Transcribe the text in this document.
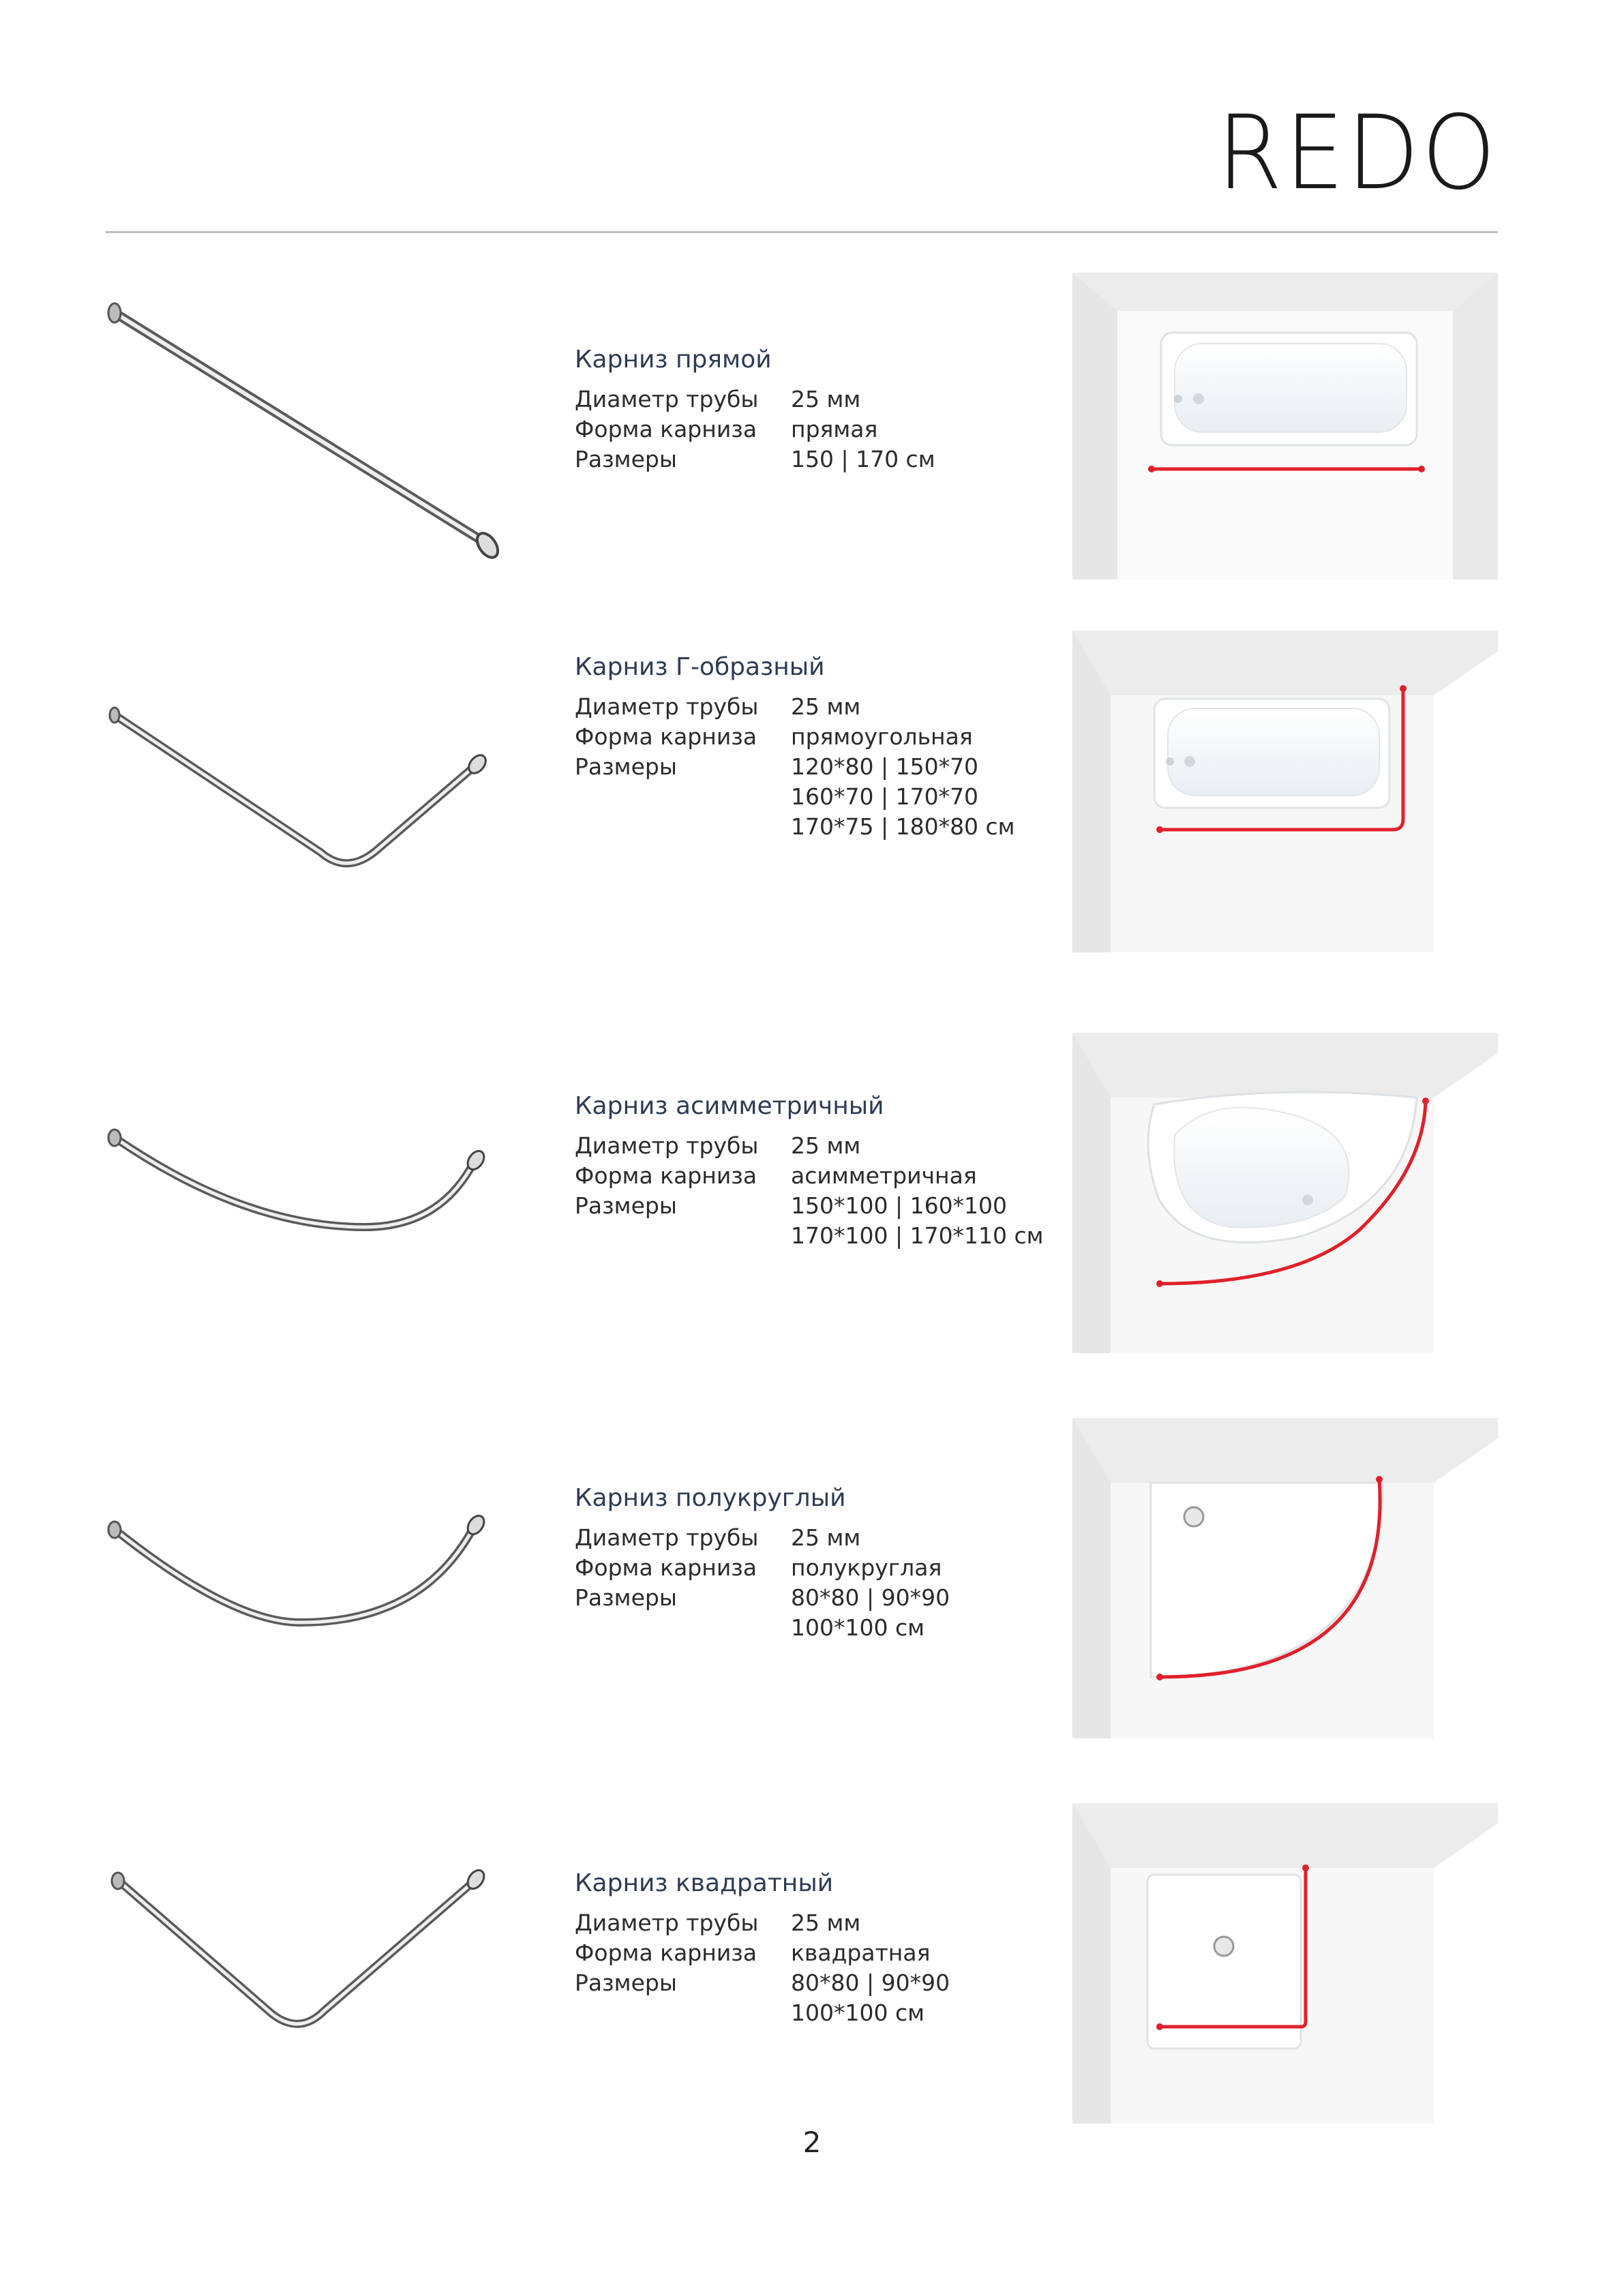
REDO
Карниз прямой
Диаметр трубы 25 мм
Форма карниза прямая
Размеры	150 | 170 см
Карниз Г-образный
Диаметр трубы 25 мм
Форма карниза прямоугольная
Размеры	120*80 | 150*70
160*70 | 170*70
170*75 | 180*80 см
Карниз асимметричный
Диаметр трубы 25 мм
Форма карниза асимметричная
Размеры	150*100 | 160*100
170*100 | 170*110 см
Карниз полукруглый
Диаметр трубы 25 мм
Форма карниза полукруглая
Размеры	80*80 | 90*90
100*100 см
Карниз квадратный
Диаметр трубы 25 мм
Форма карниза квадратная
Размеры	80*80 | 90*90
100*100 см
2
